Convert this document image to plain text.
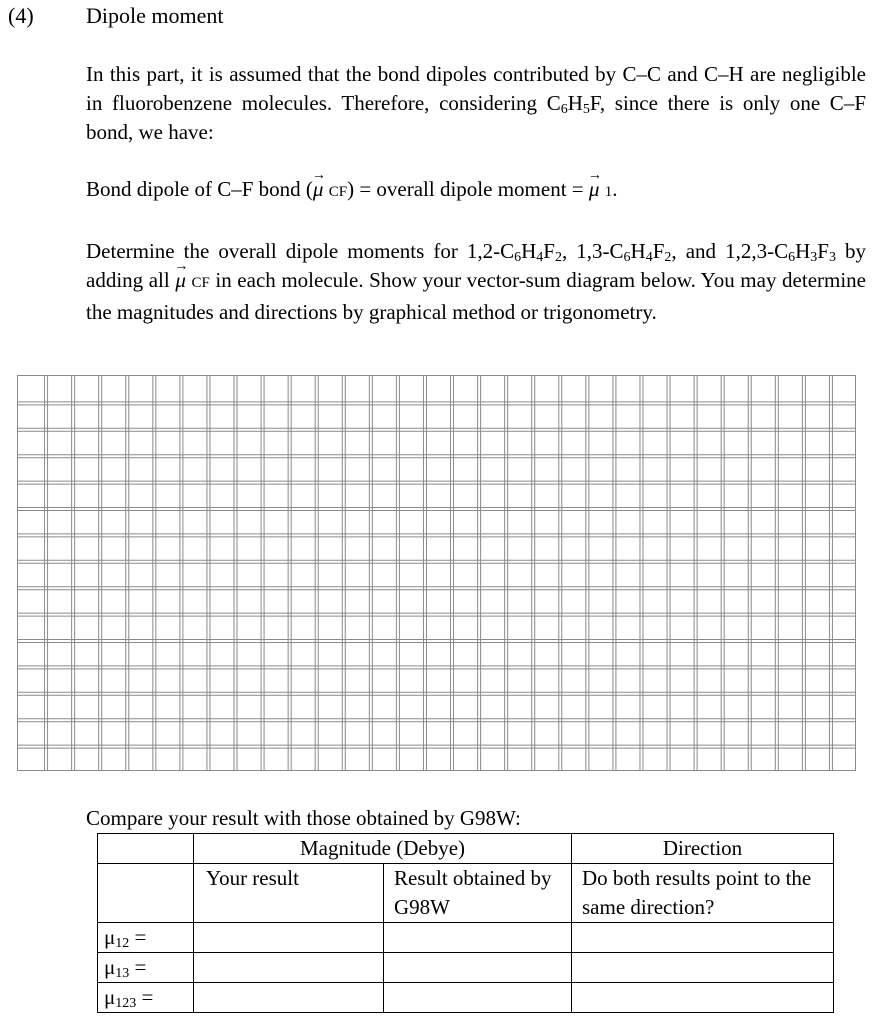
(4) Dipole moment
In this part, it is assumed that the bond dipoles contributed by C–C and C–H are negligible in fluorobenzene molecules. Therefore, considering $C_6H_5F$, since there is only one C–F bond, we have:
Bond dipole of C–F bond (→ μ CF) = overall dipole moment = → μ 1.
Determine the overall dipole moments for $1,2-C_6H_4F_2$, $1,3-C_6H_4F_2$, and $1,2,3-C_6H_3F_3$ by adding all → μ CF in each molecule. Show your vector-sum diagram below. You may determine the magnitudes and directions by graphical method or trigonometry.
Compare your result with those obtained by G98W:
	Magnitude (Debye)		Direction
	Your result	Result obtained by G98W	Do both results point to the same direction?
$\mu_{12}$ =			
$\mu_{13}$ =			
$\mu_{123}$ =			
